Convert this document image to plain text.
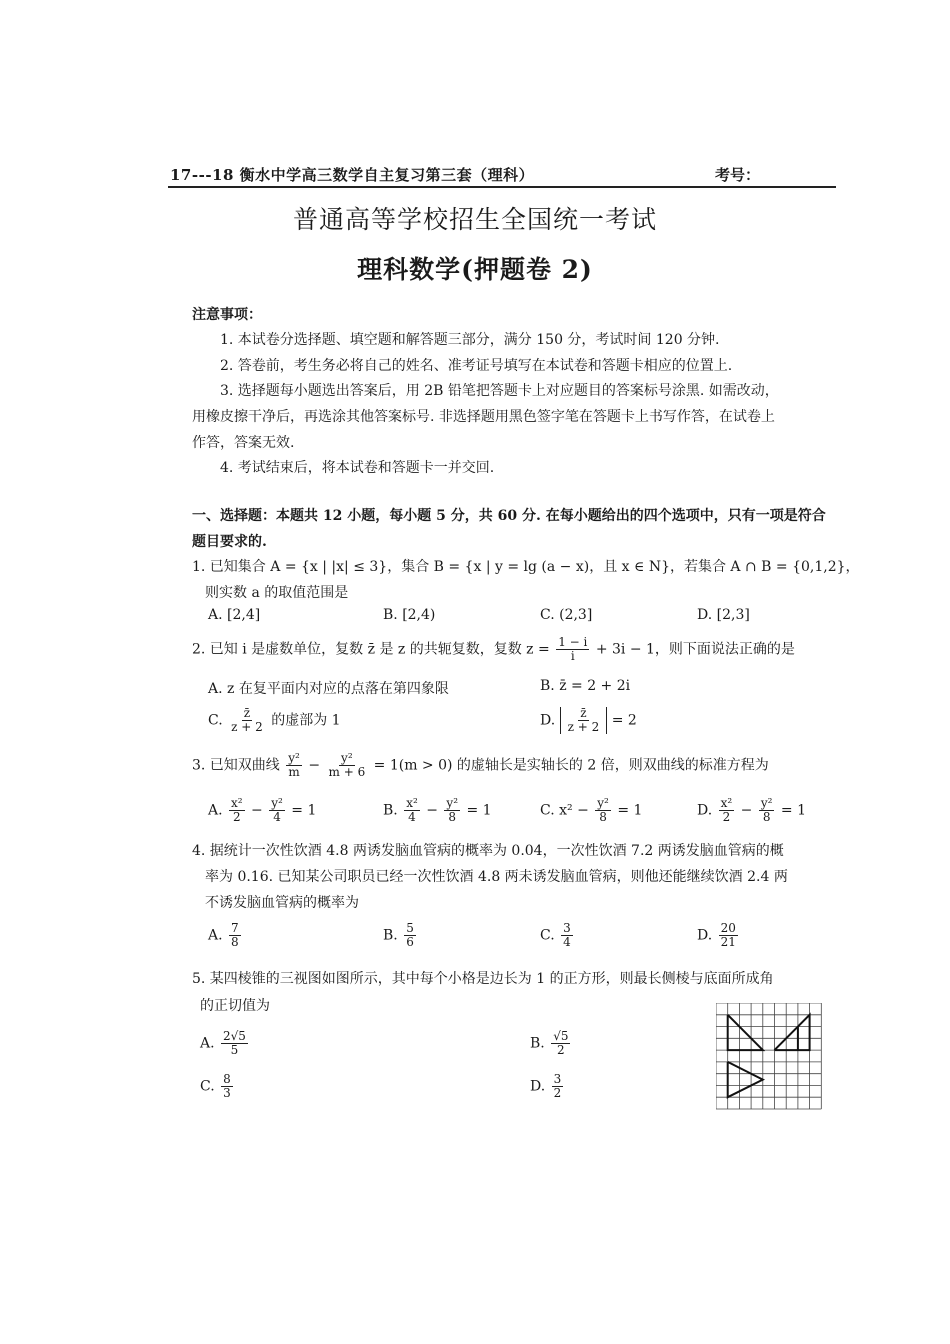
17---18 衡水中学高三数学自主复习第三套（理科）	考号：
普通高等学校招生全国统一考试
理科数学(押题卷 2)
注意事项：
1. 本试卷分选择题、填空题和解答题三部分，满分 150 分，考试时间 120 分钟.
2. 答卷前，考生务必将自己的姓名、准考证号填写在本试卷和答题卡相应的位置上.
3. 选择题每小题选出答案后，用 2B 铅笔把答题卡上对应题目的答案标号涂黑. 如需改动，
用橡皮擦干净后，再选涂其他答案标号. 非选择题用黑色签字笔在答题卡上书写作答，在试卷上
作答，答案无效.
4. 考试结束后，将本试卷和答题卡一并交回.
一、选择题：本题共 12 小题，每小题 5 分，共 60 分. 在每小题给出的四个选项中，只有一项是符合
题目要求的.
1. 已知集合 A = {x | |x| ≤ 3}，集合 B = {x | y = lg (a − x)，且 x ∈ N}，若集合 A ∩ B = {0,1,2}，
则实数 a 的取值范围是
A. [2,4]	B. [2,4)	C. (2,3]	D. [2,3]
2. 已知 i 是虚数单位，复数 z̄ 是 z 的共轭复数，复数 $z = \frac{1 - i}{i} + 3i - 1$，则下面说法正确的是
A. z 在复平面内对应的点落在第四象限	B. z̄ = 2 + 2i
C. $\frac{z̄}{z + 2}$ 的虚部为 1	D. $\frac{z̄}{z + 2} = 2$
3. 已知双曲线 $\frac{\text{y²}}{m} - \frac{\text{y²}}{m + 6} = 1(m > 0)$ 的虚轴长是实轴长的 2 倍，则双曲线的标准方程为
A. $\frac{\text{x²}}{2} - \frac{\text{y²}}{4} = 1$	B. $\frac{\text{x²}}{4} - \frac{\text{y²}}{8} = 1$	C. $x^2 - \frac{\text{y²}}{8} = 1$	D. $\frac{\text{x²}}{2} - \frac{\text{y²}}{8} = 1$
4. 据统计一次性饮酒 4.8 两诱发脑血管病的概率为 0.04，一次性饮酒 7.2 两诱发脑血管病的概
率为 0.16. 已知某公司职员已经一次性饮酒 4.8 两未诱发脑血管病，则他还能继续饮酒 2.4 两
不诱发脑血管病的概率为
A. $\frac{7}{8}$	B. $\frac{5}{6}$	C. $\frac{3}{4}$	D. $\frac{20}{21}$
5. 某四棱锥的三视图如图所示，其中每个小格是边长为 1 的正方形，则最长侧棱与底面所成角
的正切值为
A. $\frac{2√5}{5}$	B. $\frac{√5}{2}$
C. $\frac{8}{3}$	D. $\frac{3}{2}$
